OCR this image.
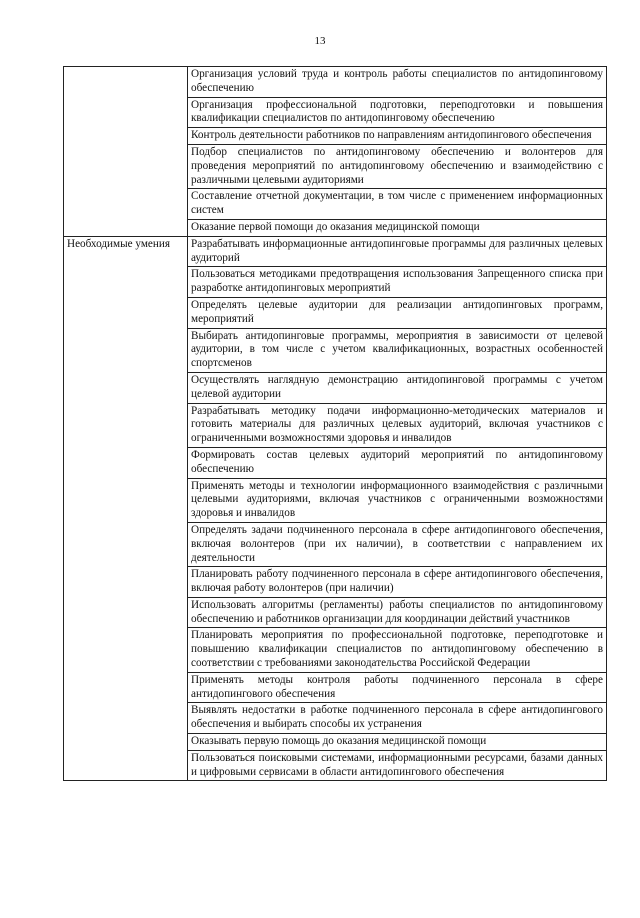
13
	Организация условий труда и контроль работы специалистов по антидопинговому обеспечению
	Организация профессиональной подготовки, переподготовки и повышения квалификации специалистов по антидопинговому обеспечению
	Контроль деятельности работников по направлениям антидопингового обеспечения
	Подбор специалистов по антидопинговому обеспечению и волонтеров для проведения мероприятий по антидопинговому обеспечению и взаимодействию с различными целевыми аудиториями
	Составление отчетной документации, в том числе с применением информационных систем
	Оказание первой помощи до оказания медицинской помощи
Необходимые умения	Разрабатывать информационные антидопинговые программы для различных целевых аудиторий
	Пользоваться методиками предотвращения использования Запрещенного списка при разработке антидопинговых мероприятий
	Определять целевые аудитории для реализации антидопинговых программ, мероприятий
	Выбирать антидопинговые программы, мероприятия в зависимости от целевой аудитории, в том числе с учетом квалификационных, возрастных особенностей спортсменов
	Осуществлять наглядную демонстрацию антидопинговой программы с учетом целевой аудитории
	Разрабатывать методику подачи информационно-методических материалов и готовить материалы для различных целевых аудиторий, включая участников с ограниченными возможностями здоровья и инвалидов
	Формировать состав целевых аудиторий мероприятий по антидопинговому обеспечению
	Применять методы и технологии информационного взаимодействия с различными целевыми аудиториями, включая участников с ограниченными возможностями здоровья и инвалидов
	Определять задачи подчиненного персонала в сфере антидопингового обеспечения, включая волонтеров (при их наличии), в соответствии с направлением их деятельности
	Планировать работу подчиненного персонала в сфере антидопингового обеспечения, включая работу волонтеров (при наличии)
	Использовать алгоритмы (регламенты) работы специалистов по антидопинговому обеспечению и работников организации для координации действий участников
	Планировать мероприятия по профессиональной подготовке, переподготовке и повышению квалификации специалистов по антидопинговому обеспечению в соответствии с требованиями законодательства Российской Федерации
	Применять методы контроля работы подчиненного персонала в сфере антидопингового обеспечения
	Выявлять недостатки в работке подчиненного персонала в сфере антидопингового обеспечения и выбирать способы их устранения
	Оказывать первую помощь до оказания медицинской помощи
	Пользоваться поисковыми системами, информационными ресурсами, базами данных и цифровыми сервисами в области антидопингового обеспечения
